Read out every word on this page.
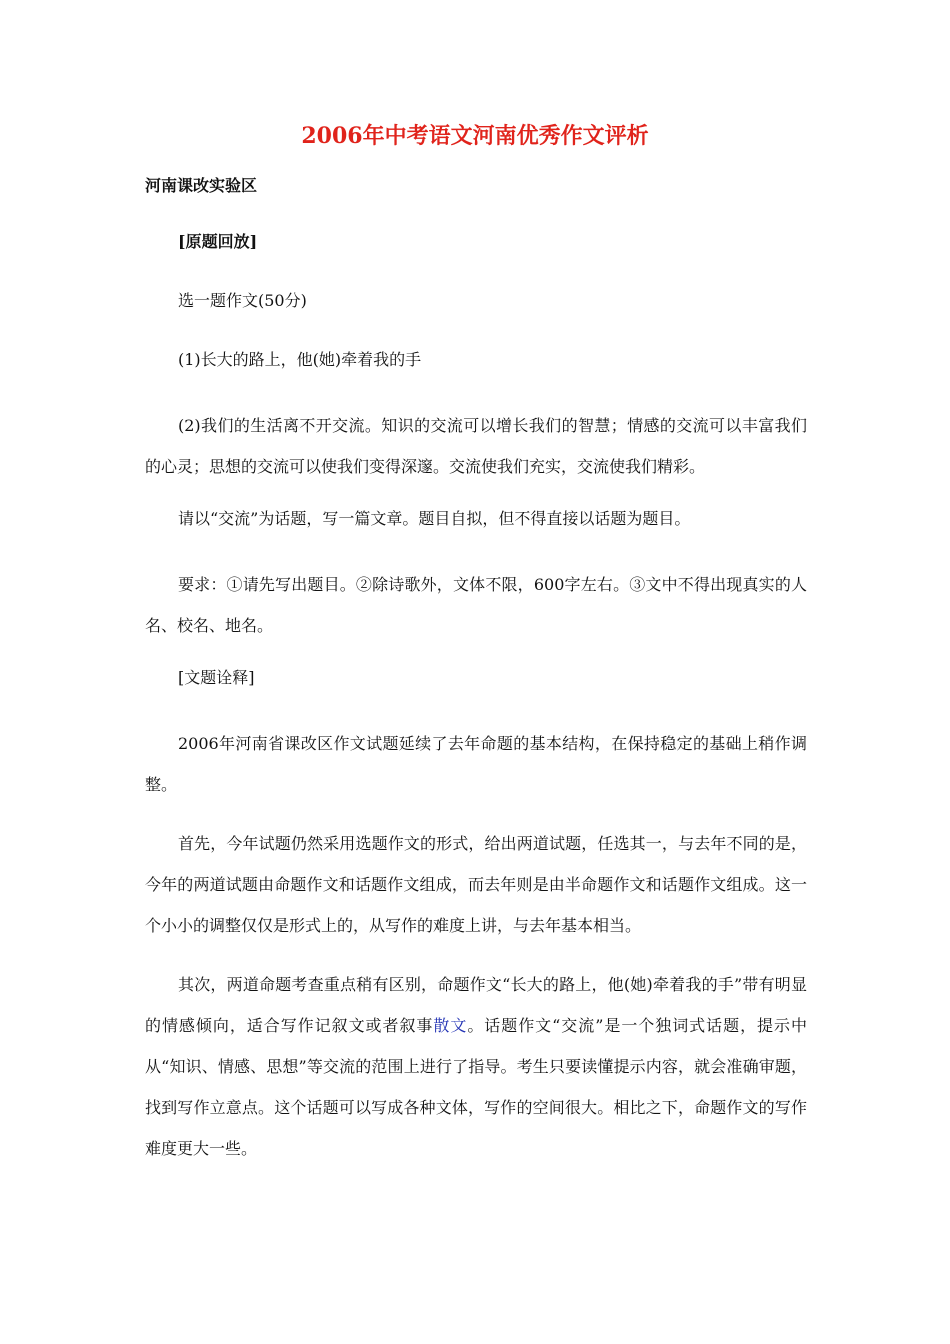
2006年中考语文河南优秀作文评析
河南课改实验区

[原题回放]

选一题作文(50分)

(1)长大的路上，他(她)牵着我的手

(2)我们的生活离不开交流。知识的交流可以增长我们的智慧；情感的交流可以丰富我们的心灵；思想的交流可以使我们变得深邃。交流使我们充实，交流使我们精彩。

请以“交流”为话题，写一篇文章。题目自拟，但不得直接以话题为题目。

要求：①请先写出题目。②除诗歌外，文体不限，600字左右。③文中不得出现真实的人名、校名、地名。

[文题诠释]

2006年河南省课改区作文试题延续了去年命题的基本结构，在保持稳定的基础上稍作调整。

首先，今年试题仍然采用选题作文的形式，给出两道试题，任选其一，与去年不同的是，今年的两道试题由命题作文和话题作文组成，而去年则是由半命题作文和话题作文组成。这一个小小的调整仅仅是形式上的，从写作的难度上讲，与去年基本相当。

其次，两道命题考查重点稍有区别，命题作文“长大的路上，他(她)牵着我的手”带有明显的情感倾向，适合写作记叙文或者叙事散文。话题作文“交流”是一个独词式话题，提示中从“知识、情感、思想”等交流的范围上进行了指导。考生只要读懂提示内容，就会准确审题，找到写作立意点。这个话题可以写成各种文体，写作的空间很大。相比之下，命题作文的写作难度更大一些。
